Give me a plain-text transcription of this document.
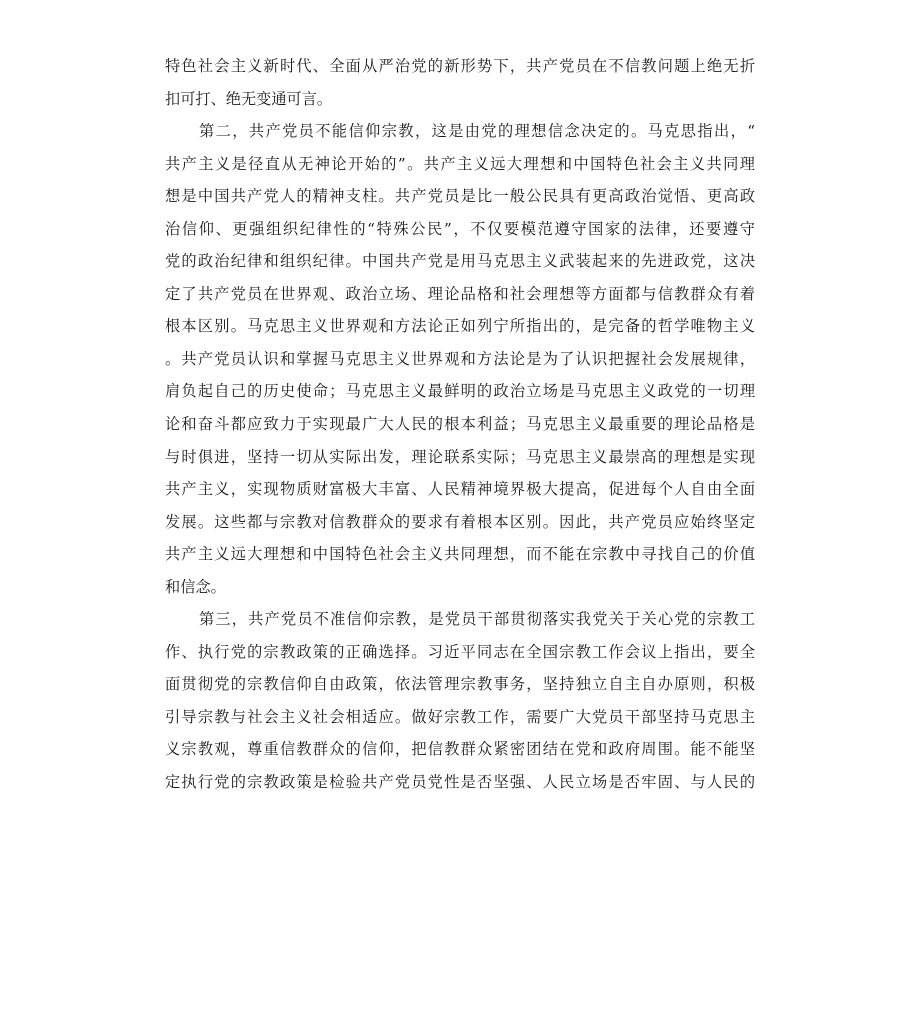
特色社会主义新时代、全面从严治党的新形势下，共产党员在不信教问题上绝无折
扣可打、绝无变通可言。
第二，共产党员不能信仰宗教，这是由党的理想信念决定的。马克思指出，“
共产主义是径直从无神论开始的”。共产主义远大理想和中国特色社会主义共同理
想是中国共产党人的精神支柱。共产党员是比一般公民具有更高政治觉悟、更高政
治信仰、更强组织纪律性的“特殊公民”，不仅要模范遵守国家的法律，还要遵守
党的政治纪律和组织纪律。中国共产党是用马克思主义武装起来的先进政党，这决
定了共产党员在世界观、政治立场、理论品格和社会理想等方面都与信教群众有着
根本区别。马克思主义世界观和方法论正如列宁所指出的，是完备的哲学唯物主义
。共产党员认识和掌握马克思主义世界观和方法论是为了认识把握社会发展规律，
肩负起自己的历史使命；马克思主义最鲜明的政治立场是马克思主义政党的一切理
论和奋斗都应致力于实现最广大人民的根本利益；马克思主义最重要的理论品格是
与时俱进，坚持一切从实际出发，理论联系实际；马克思主义最崇高的理想是实现
共产主义，实现物质财富极大丰富、人民精神境界极大提高，促进每个人自由全面
发展。这些都与宗教对信教群众的要求有着根本区别。因此，共产党员应始终坚定
共产主义远大理想和中国特色社会主义共同理想，而不能在宗教中寻找自己的价值
和信念。
第三，共产党员不准信仰宗教，是党员干部贯彻落实我党关于关心党的宗教工
作、执行党的宗教政策的正确选择。习近平同志在全国宗教工作会议上指出，要全
面贯彻党的宗教信仰自由政策，依法管理宗教事务，坚持独立自主自办原则，积极
引导宗教与社会主义社会相适应。做好宗教工作，需要广大党员干部坚持马克思主
义宗教观，尊重信教群众的信仰，把信教群众紧密团结在党和政府周围。能不能坚
定执行党的宗教政策是检验共产党员党性是否坚强、人民立场是否牢固、与人民的
